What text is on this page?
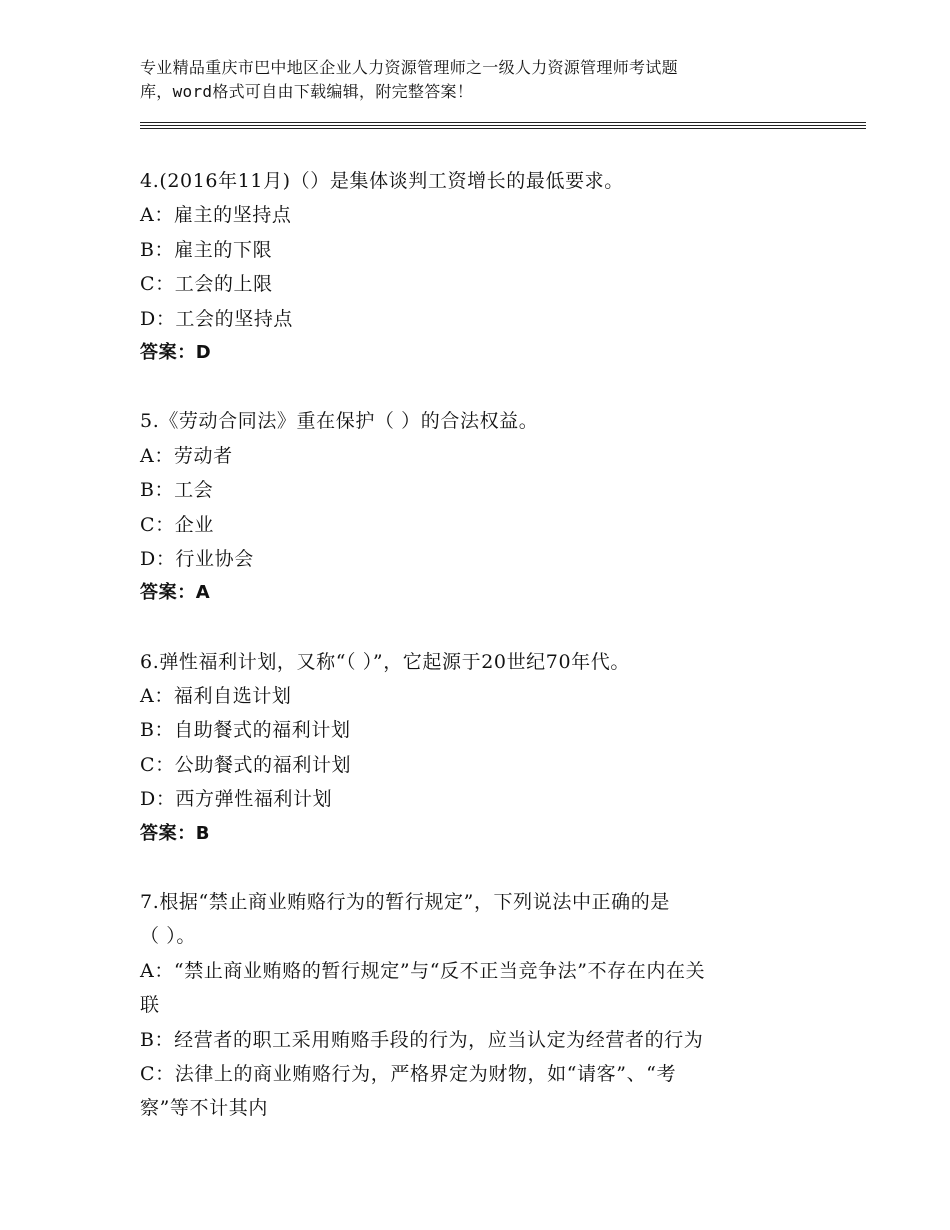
专业精品重庆市巴中地区企业人力资源管理师之一级人力资源管理师考试题
库，word格式可自由下载编辑，附完整答案！
4.(2016年11月)（）是集体谈判工资增长的最低要求。
A：雇主的坚持点
B：雇主的下限
C：工会的上限
D：工会的坚持点
答案：D
5.《劳动合同法》重在保护（ ）的合法权益。
A：劳动者
B：工会
C：企业
D：行业协会
答案：A
6.弹性福利计划，又称“（ ）”，它起源于20世纪70年代。
A：福利自选计划
B：自助餐式的福利计划
C：公助餐式的福利计划
D：西方弹性福利计划
答案：B
7.根据“禁止商业贿赂行为的暂行规定”，下列说法中正确的是
（ ）。
A：“禁止商业贿赂的暂行规定”与“反不正当竞争法”不存在内在关
联
B：经营者的职工采用贿赂手段的行为，应当认定为经营者的行为
C：法律上的商业贿赂行为，严格界定为财物，如“请客”、“考
察”等不计其内
